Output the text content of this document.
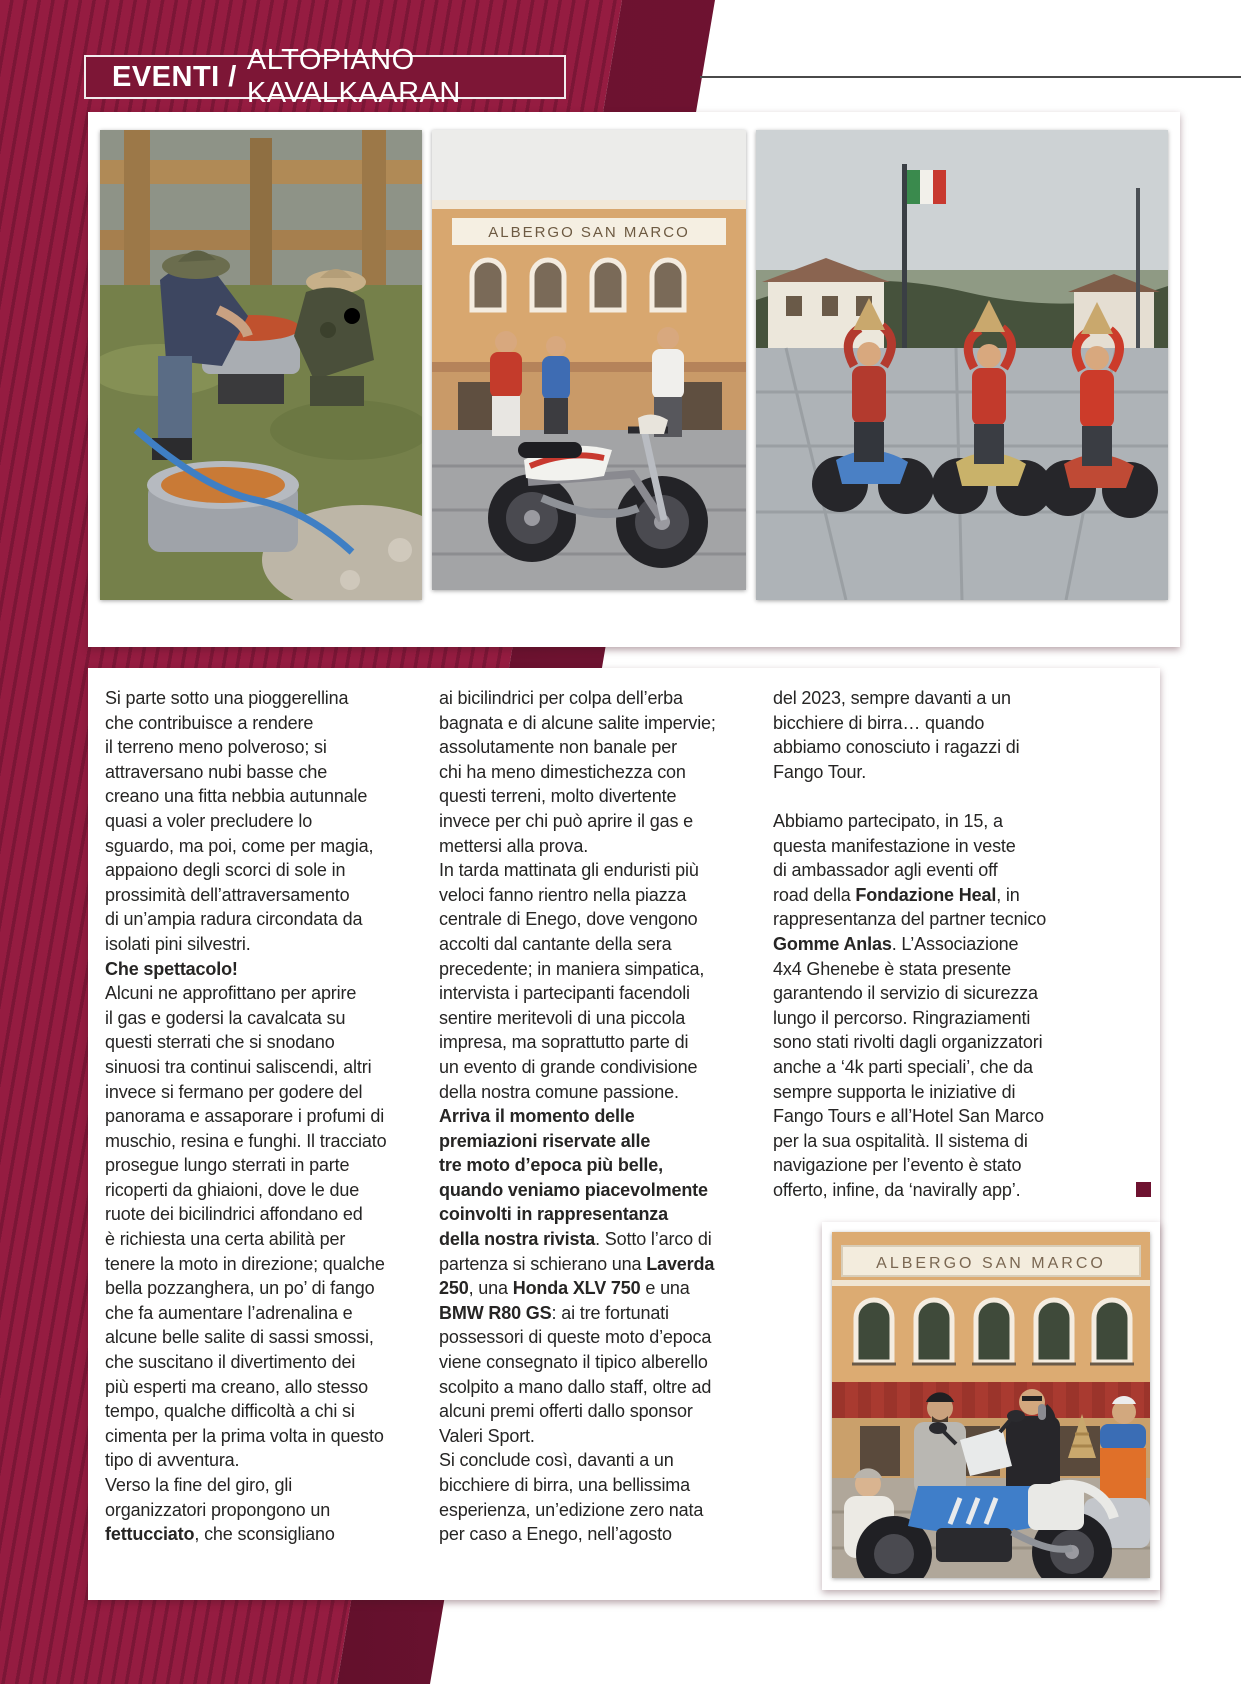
EVENTI /
ALTOPIANO KAVALKAARAN
ALBERGO SAN MARCO
Si parte sotto una pioggerellina
che contribuisce a rendere
il terreno meno polveroso; si
attraversano nubi basse che
creano una fitta nebbia autunnale
quasi a voler precludere lo
sguardo, ma poi, come per magia,
appaiono degli scorci di sole in
prossimità dell’attraversamento
di un’ampia radura circondata da
isolati pini silvestri.
Che spettacolo!
Alcuni ne approfittano per aprire
il gas e godersi la cavalcata su
questi sterrati che si snodano
sinuosi tra continui saliscendi, altri
invece si fermano per godere del
panorama e assaporare i profumi di
muschio, resina e funghi. Il tracciato
prosegue lungo sterrati in parte
ricoperti da ghiaioni, dove le due
ruote dei bicilindrici affondano ed
è richiesta una certa abilità per
tenere la moto in direzione; qualche
bella pozzanghera, un po’ di fango
che fa aumentare l’adrenalina e
alcune belle salite di sassi smossi,
che suscitano il divertimento dei
più esperti ma creano, allo stesso
tempo, qualche difficoltà a chi si
cimenta per la prima volta in questo
tipo di avventura.
Verso la fine del giro, gli
organizzatori propongono un
fettucciato, che sconsigliano
ai bicilindrici per colpa dell’erba
bagnata e di alcune salite impervie;
assolutamente non banale per
chi ha meno dimestichezza con
questi terreni, molto divertente
invece per chi può aprire il gas e
mettersi alla prova.
In tarda mattinata gli enduristi più
veloci fanno rientro nella piazza
centrale di Enego, dove vengono
accolti dal cantante della sera
precedente; in maniera simpatica,
intervista i partecipanti facendoli
sentire meritevoli di una piccola
impresa, ma soprattutto parte di
un evento di grande condivisione
della nostra comune passione.
Arriva il momento delle
premiazioni riservate alle
tre moto d’epoca più belle,
quando veniamo piacevolmente
coinvolti in rappresentanza
della nostra rivista. Sotto l’arco di
partenza si schierano una Laverda
250, una Honda XLV 750 e una
BMW R80 GS: ai tre fortunati
possessori di queste moto d’epoca
viene consegnato il tipico alberello
scolpito a mano dallo staff, oltre ad
alcuni premi offerti dallo sponsor
Valeri Sport.
Si conclude così, davanti a un
bicchiere di birra, una bellissima
esperienza, un’edizione zero nata
per caso a Enego, nell’agosto
del 2023, sempre davanti a un
bicchiere di birra… quando
abbiamo conosciuto i ragazzi di
Fango Tour.
Abbiamo partecipato, in 15, a
questa manifestazione in veste
di ambassador agli eventi off
road della Fondazione Heal, in
rappresentanza del partner tecnico
Gomme Anlas. L’Associazione
4x4 Ghenebe è stata presente
garantendo il servizio di sicurezza
lungo il percorso. Ringraziamenti
sono stati rivolti dagli organizzatori
anche a ‘4k parti speciali’, che da
sempre supporta le iniziative di
Fango Tours e all’Hotel San Marco
per la sua ospitalità. Il sistema di
navigazione per l’evento è stato
offerto, infine, da ‘navirally app’.
ALBERGO SAN MARCO
